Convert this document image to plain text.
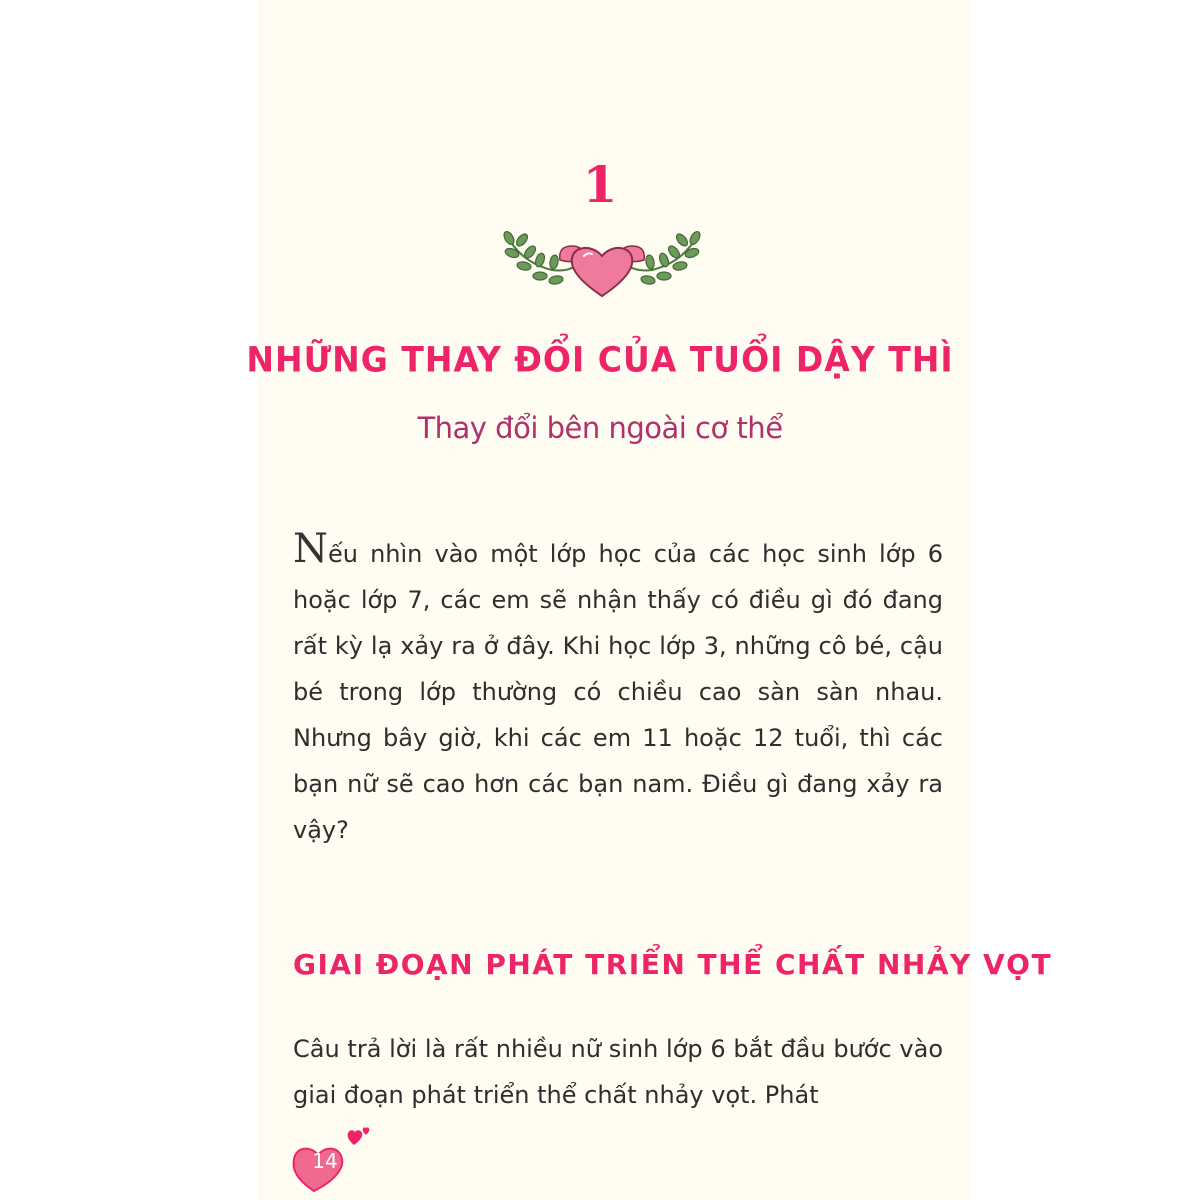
1
NHỮNG THAY ĐỔI CỦA TUỔI DẬY THÌ
Thay đổi bên ngoài cơ thể

Nếu nhìn vào một lớp học của các học sinh lớp 6 hoặc lớp 7, các em sẽ nhận thấy có điều gì đó đang rất kỳ lạ xảy ra ở đây. Khi học lớp 3, những cô bé, cậu bé trong lớp thường có chiều cao sàn sàn nhau. Nhưng bây giờ, khi các em 11 hoặc 12 tuổi, thì các bạn nữ sẽ cao hơn các bạn nam. Điều gì đang xảy ra vậy?

GIAI ĐOẠN PHÁT TRIỂN THỂ CHẤT NHẢY VỌT

Câu trả lời là rất nhiều nữ sinh lớp 6 bắt đầu bước vào giai đoạn phát triển thể chất nhảy vọt. Phát

14
